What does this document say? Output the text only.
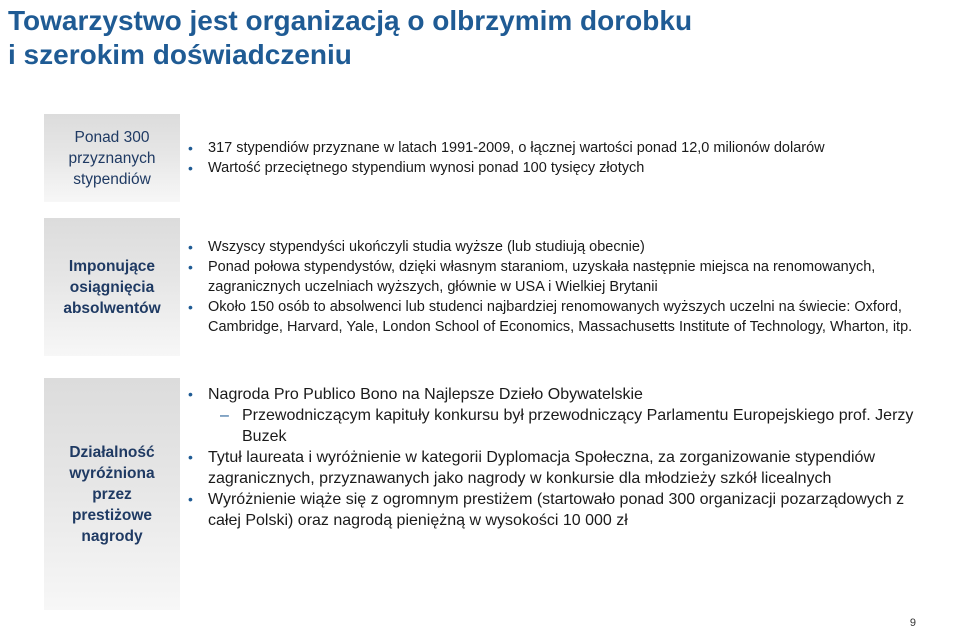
Towarzystwo jest organizacją o olbrzymim dorobku
i szerokim doświadczeniu
Ponad 300
przyznanych
stypendiów
• 317 stypendiów przyznane w latach 1991-2009, o łącznej wartości ponad 12,0 milionów dolarów
• Wartość przeciętnego stypendium wynosi ponad 100 tysięcy złotych
Imponujące
osiągnięcia
absolwentów
• Wszyscy stypendyści ukończyli studia wyższe (lub studiują obecnie)
• Ponad połowa stypendystów, dzięki własnym staraniom, uzyskała następnie miejsca na renomowanych, zagranicznych uczelniach wyższych, głównie w USA i Wielkiej Brytanii
• Około 150 osób to absolwenci lub studenci najbardziej renomowanych wyższych uczelni na świecie: Oxford, Cambridge, Harvard, Yale, London School of Economics, Massachusetts Institute of Technology, Wharton, itp.
Działalność
wyróżniona
przez
prestiżowe
nagrody
• Nagroda Pro Publico Bono na Najlepsze Dzieło Obywatelskie
– Przewodniczącym kapituły konkursu był przewodniczący Parlamentu Europejskiego prof. Jerzy Buzek
• Tytuł laureata i wyróżnienie w kategorii Dyplomacja Społeczna, za zorganizowanie stypendiów zagranicznych, przyznawanych jako nagrody w konkursie dla młodzieży szkół licealnych
• Wyróżnienie wiąże się z ogromnym prestiżem (startowało ponad 300 organizacji pozarządowych z całej Polski) oraz nagrodą pieniężną w wysokości 10 000 zł
9
